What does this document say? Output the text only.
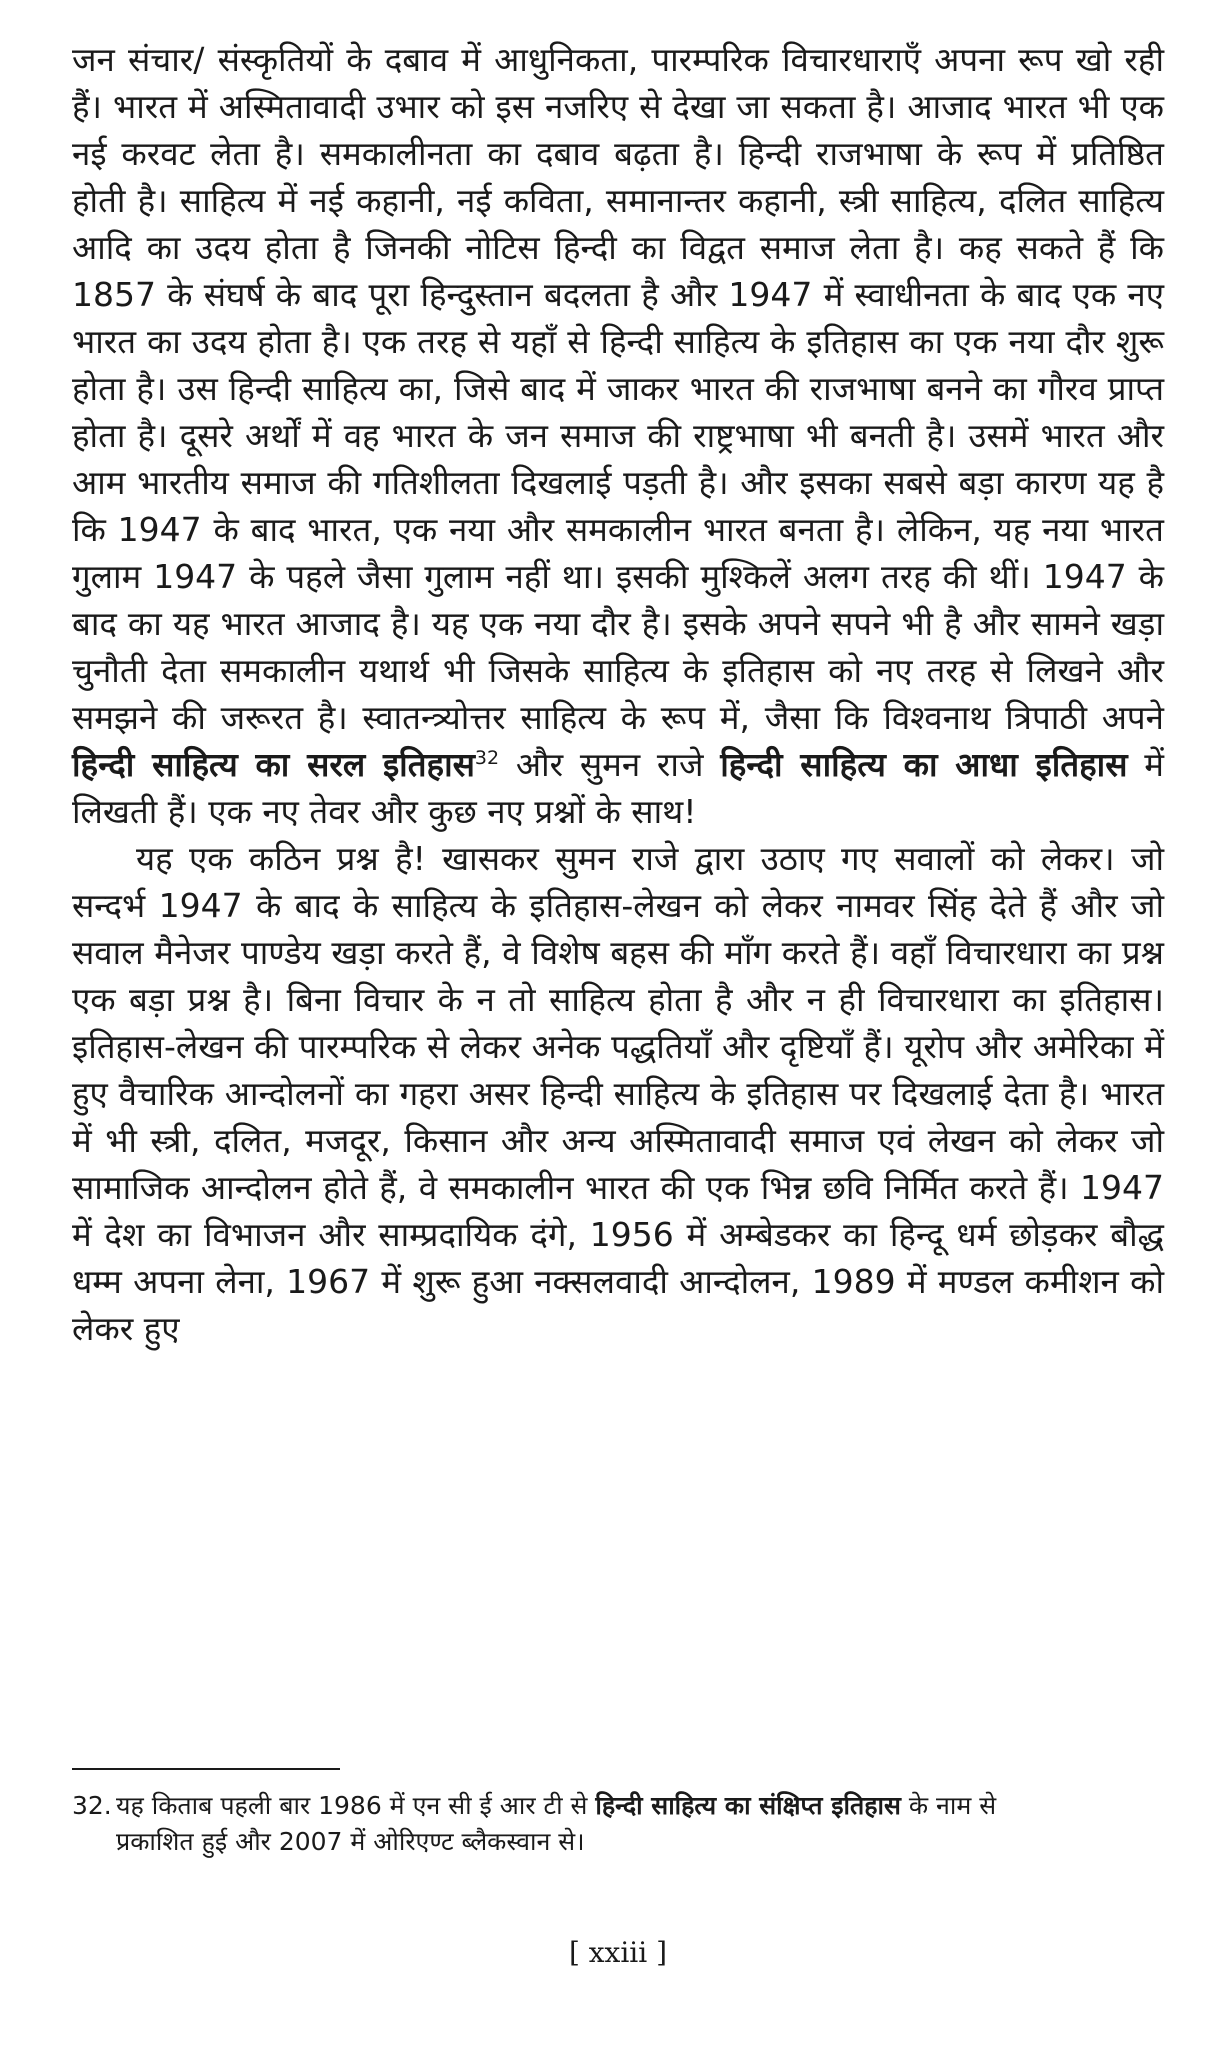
जन संचार/ संस्कृतियों के दबाव में आधुनिकता, पारम्परिक विचारधाराएँ अपना रूप खो रही हैं। भारत में अस्मितावादी उभार को इस नजरिए से देखा जा सकता है। आजाद भारत भी एक नई करवट लेता है। समकालीनता का दबाव बढ़ता है। हिन्दी राजभाषा के रूप में प्रतिष्ठित होती है। साहित्य में नई कहानी, नई कविता, समानान्तर कहानी, स्त्री साहित्य, दलित साहित्य आदि का उदय होता है जिनकी नोटिस हिन्दी का विद्वत समाज लेता है। कह सकते हैं कि 1857 के संघर्ष के बाद पूरा हिन्दुस्तान बदलता है और 1947 में स्वाधीनता के बाद एक नए भारत का उदय होता है। एक तरह से यहाँ से हिन्दी साहित्य के इतिहास का एक नया दौर शुरू होता है। उस हिन्दी साहित्य का, जिसे बाद में जाकर भारत की राजभाषा बनने का गौरव प्राप्त होता है। दूसरे अर्थों में वह भारत के जन समाज की राष्ट्रभाषा भी बनती है। उसमें भारत और आम भारतीय समाज की गतिशीलता दिखलाई पड़ती है। और इसका सबसे बड़ा कारण यह है कि 1947 के बाद भारत, एक नया और समकालीन भारत बनता है। लेकिन, यह नया भारत गुलाम 1947 के पहले जैसा गुलाम नहीं था। इसकी मुश्किलें अलग तरह की थीं। 1947 के बाद का यह भारत आजाद है। यह एक नया दौर है। इसके अपने सपने भी है और सामने खड़ा चुनौती देता समकालीन यथार्थ भी जिसके साहित्य के इतिहास को नए तरह से लिखने और समझने की जरूरत है। स्वातन्त्र्योत्तर साहित्य के रूप में, जैसा कि विश्वनाथ त्रिपाठी अपने हिन्दी साहित्य का सरल इतिहास$^{32}$ और सुमन राजे हिन्दी साहित्य का आधा इतिहास में लिखती हैं। एक नए तेवर और कुछ नए प्रश्नों के साथ!

यह एक कठिन प्रश्न है! खासकर सुमन राजे द्वारा उठाए गए सवालों को लेकर। जो सन्दर्भ 1947 के बाद के साहित्य के इतिहास-लेखन को लेकर नामवर सिंह देते हैं और जो सवाल मैनेजर पाण्डेय खड़ा करते हैं, वे विशेष बहस की माँग करते हैं। वहाँ विचारधारा का प्रश्न एक बड़ा प्रश्न है। बिना विचार के न तो साहित्य होता है और न ही विचारधारा का इतिहास। इतिहास-लेखन की पारम्परिक से लेकर अनेक पद्धतियाँ और दृष्टियाँ हैं। यूरोप और अमेरिका में हुए वैचारिक आन्दोलनों का गहरा असर हिन्दी साहित्य के इतिहास पर दिखलाई देता है। भारत में भी स्त्री, दलित, मजदूर, किसान और अन्य अस्मितावादी समाज एवं लेखन को लेकर जो सामाजिक आन्दोलन होते हैं, वे समकालीन भारत की एक भिन्न छवि निर्मित करते हैं। 1947 में देश का विभाजन और साम्प्रदायिक दंगे, 1956 में अम्बेडकर का हिन्दू धर्म छोड़कर बौद्ध धम्म अपना लेना, 1967 में शुरू हुआ नक्सलवादी आन्दोलन, 1989 में मण्डल कमीशन को लेकर हुए

32. यह किताब पहली बार 1986 में एन सी ई आर टी से हिन्दी साहित्य का संक्षिप्त इतिहास के नाम से
प्रकाशित हुई और 2007 में ओरिएण्ट ब्लैकस्वान से।
[ xxiii ]
